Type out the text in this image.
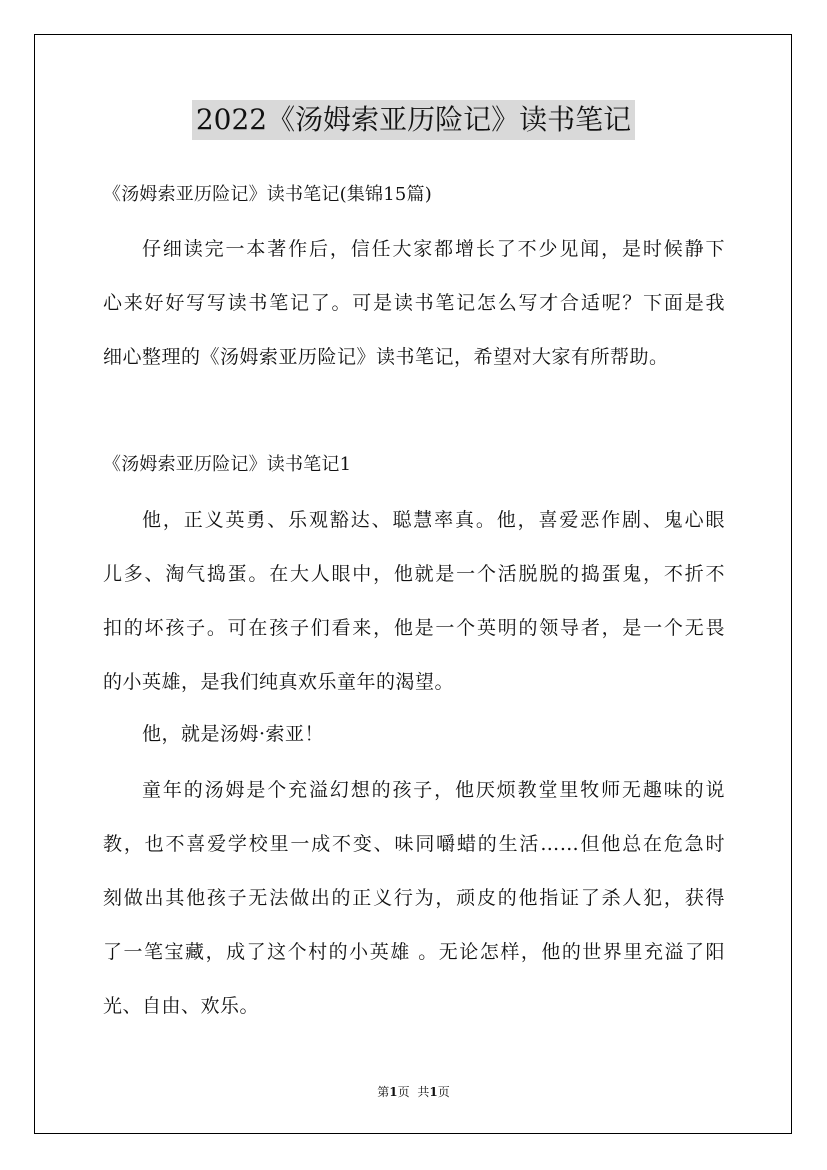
2022《汤姆索亚历险记》读书笔记
《汤姆索亚历险记》读书笔记(集锦15篇)
仔细读完一本著作后，信任大家都增长了不少见闻，是时候静下
心来好好写写读书笔记了。可是读书笔记怎么写才合适呢？下面是我
细心整理的《汤姆索亚历险记》读书笔记，希望对大家有所帮助。
《汤姆索亚历险记》读书笔记1
他，正义英勇、乐观豁达、聪慧率真。他，喜爱恶作剧、鬼心眼
儿多、淘气捣蛋。在大人眼中，他就是一个活脱脱的捣蛋鬼，不折不
扣的坏孩子。可在孩子们看来，他是一个英明的领导者，是一个无畏
的小英雄，是我们纯真欢乐童年的渴望。
他，就是汤姆·索亚！
童年的汤姆是个充溢幻想的孩子，他厌烦教堂里牧师无趣味的说
教，也不喜爱学校里一成不变、味同嚼蜡的生活……但他总在危急时
刻做出其他孩子无法做出的正义行为，顽皮的他指证了杀人犯，获得
了一笔宝藏，成了这个村的小英雄 。无论怎样，他的世界里充溢了阳
光、自由、欢乐。
第1页 共1页
